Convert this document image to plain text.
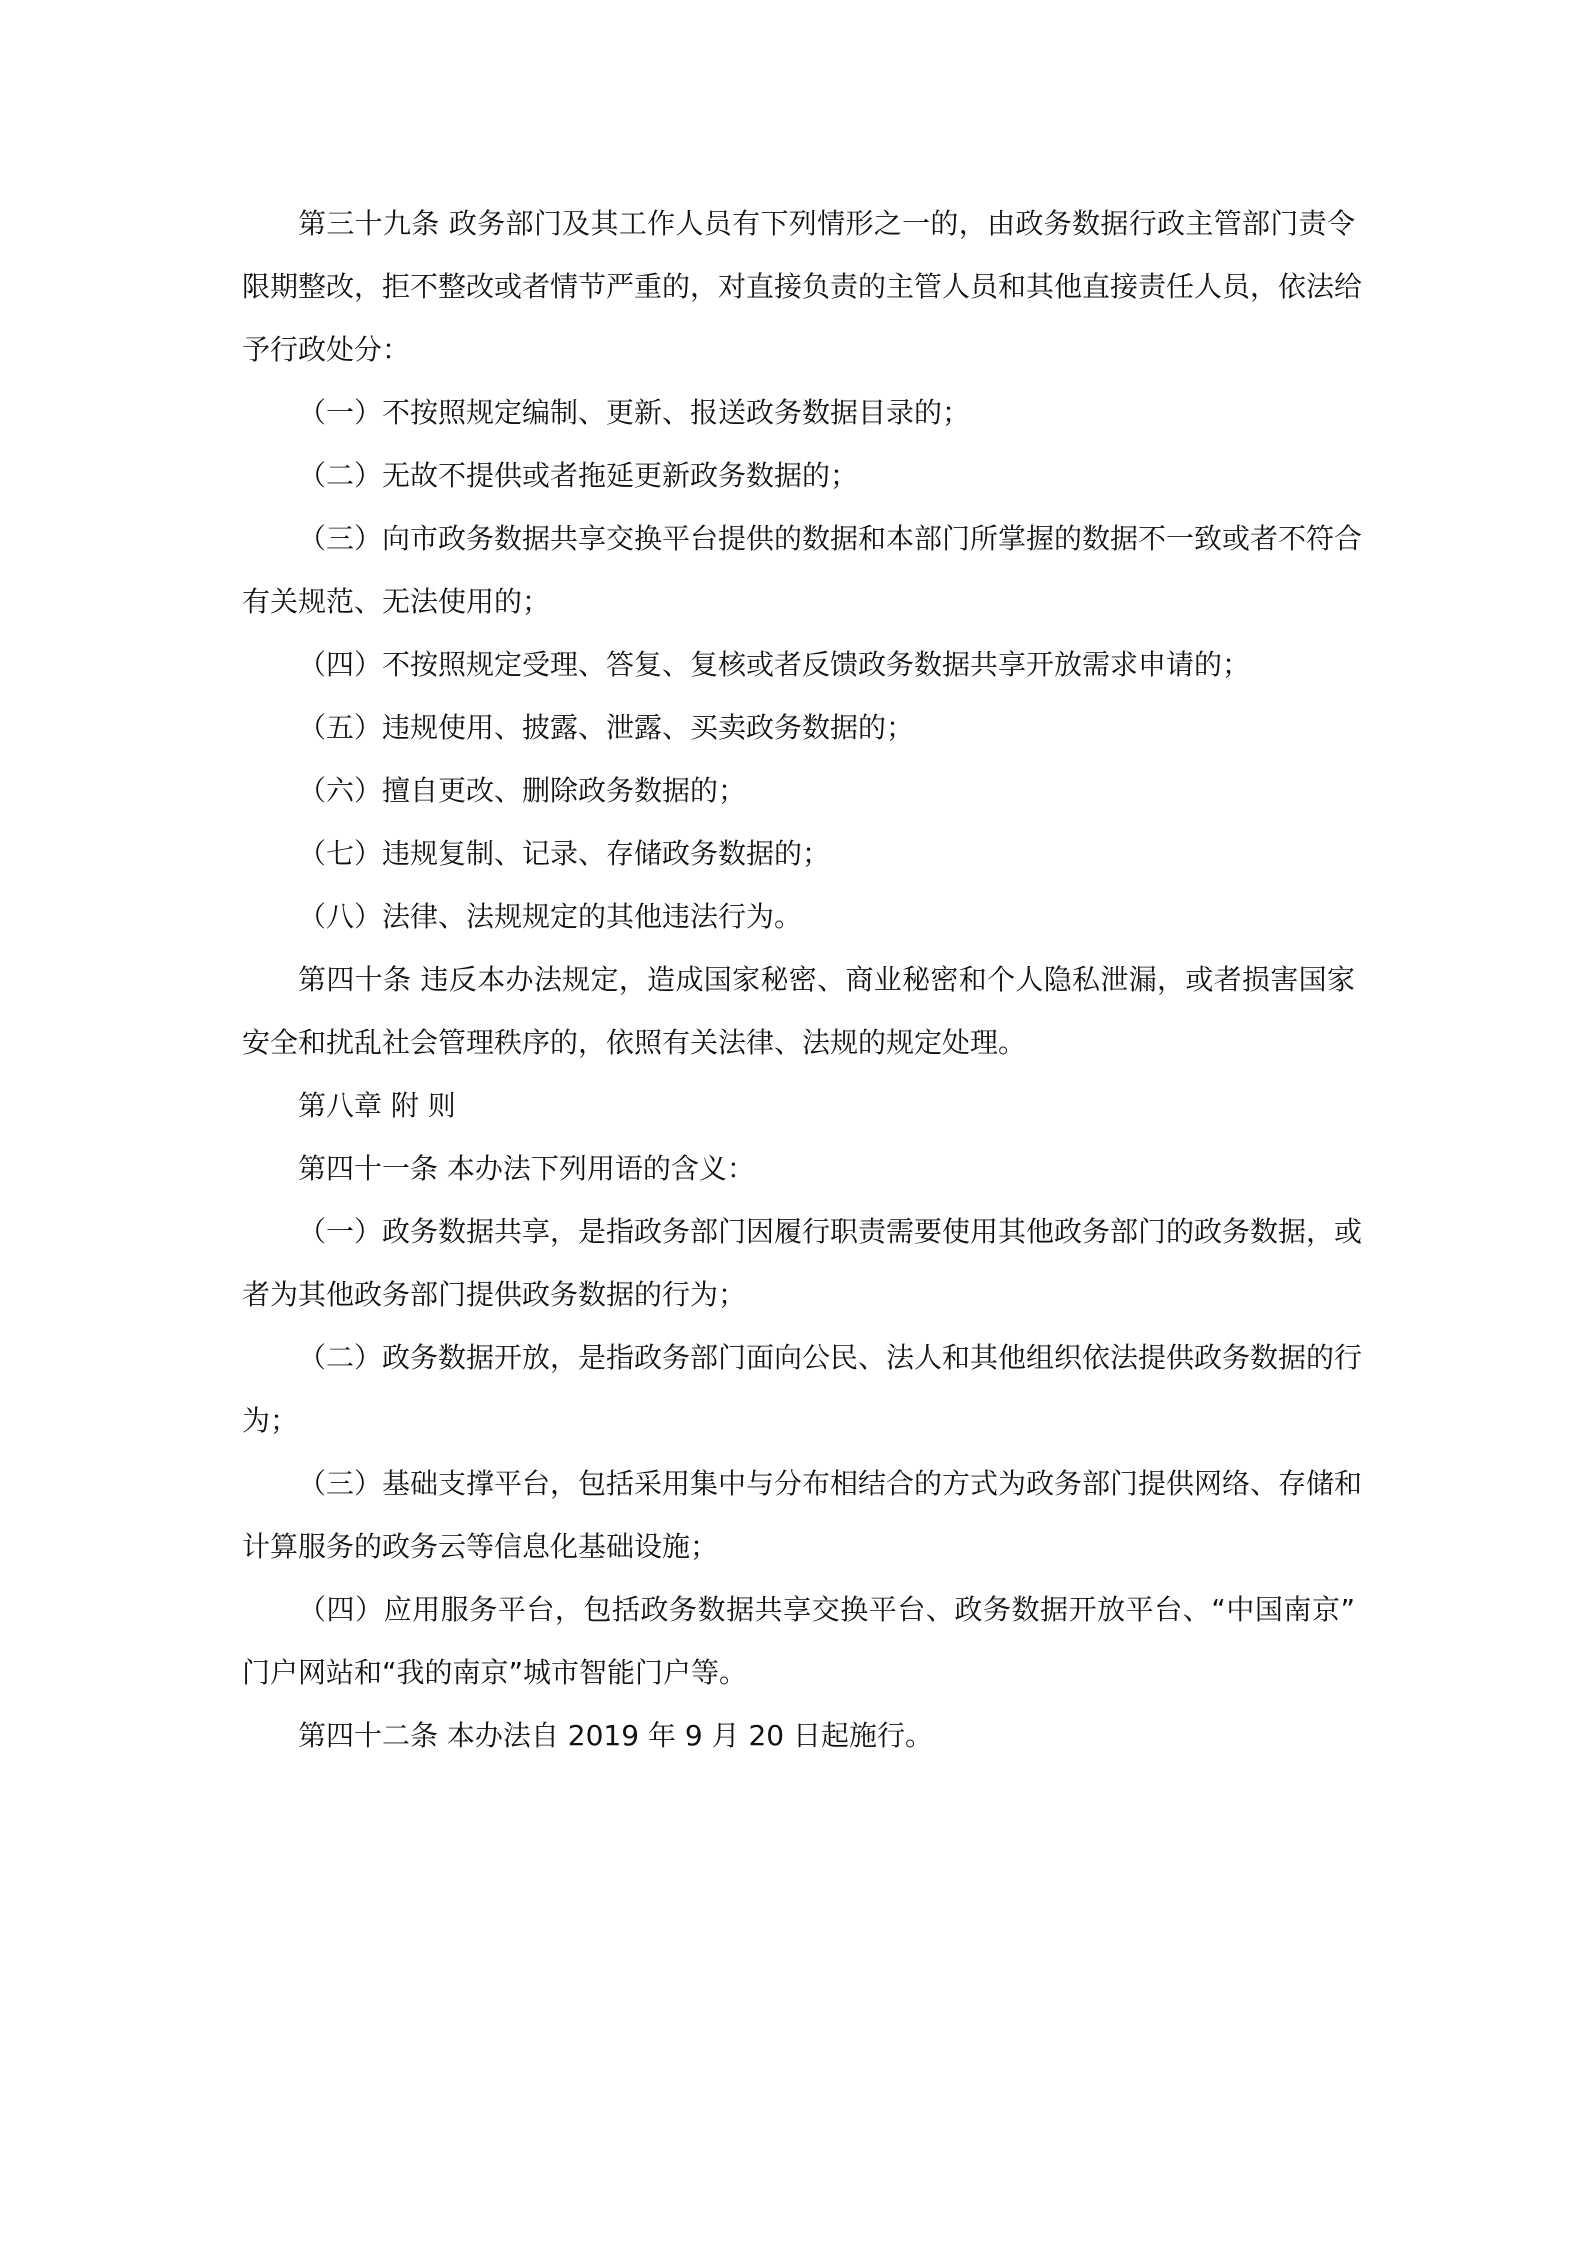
第三十九条 政务部门及其工作人员有下列情形之一的，由政务数据行政主管部门责令
限期整改，拒不整改或者情节严重的，对直接负责的主管人员和其他直接责任人员，依法给
予行政处分：
（一）不按照规定编制、更新、报送政务数据目录的；
（二）无故不提供或者拖延更新政务数据的；
（三）向市政务数据共享交换平台提供的数据和本部门所掌握的数据不一致或者不符合
有关规范、无法使用的；
（四）不按照规定受理、答复、复核或者反馈政务数据共享开放需求申请的；
（五）违规使用、披露、泄露、买卖政务数据的；
（六）擅自更改、删除政务数据的；
（七）违规复制、记录、存储政务数据的；
（八）法律、法规规定的其他违法行为。
第四十条 违反本办法规定，造成国家秘密、商业秘密和个人隐私泄漏，或者损害国家
安全和扰乱社会管理秩序的，依照有关法律、法规的规定处理。
第八章 附 则
第四十一条 本办法下列用语的含义：
（一）政务数据共享，是指政务部门因履行职责需要使用其他政务部门的政务数据，或
者为其他政务部门提供政务数据的行为；
（二）政务数据开放，是指政务部门面向公民、法人和其他组织依法提供政务数据的行
为；
（三）基础支撑平台，包括采用集中与分布相结合的方式为政务部门提供网络、存储和
计算服务的政务云等信息化基础设施；
（四）应用服务平台，包括政务数据共享交换平台、政务数据开放平台、“中国南京”
门户网站和“我的南京”城市智能门户等。
第四十二条 本办法自 2019 年 9 月 20 日起施行。
